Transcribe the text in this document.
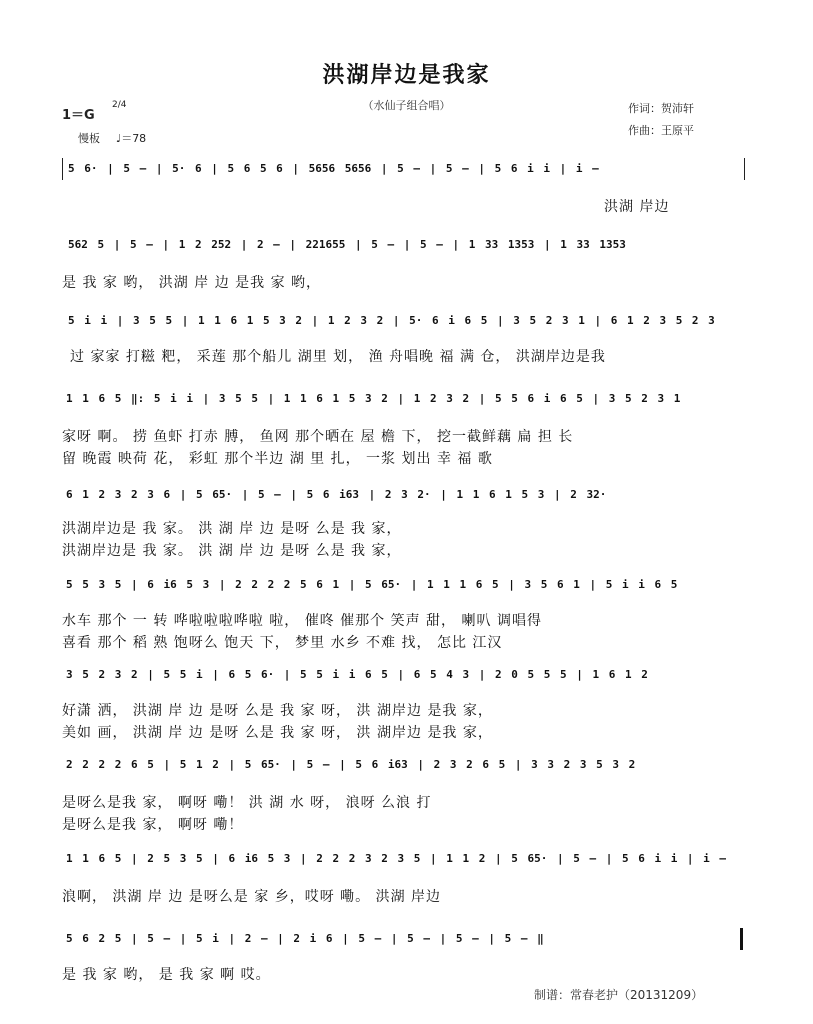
洪湖岸边是我家
（水仙子组合唱）
1＝G
2/4
慢板 ♩＝78
作词：贺沛轩
作曲：王原平
5 6· | 5 – | 5· 6 | 5 6 5 6 | 5656 5656 | 5 – | 5 – | 5 6 i i | i –
洪湖 岸边
562 5 | 5 – | 1 2 252 | 2 – | 221655 | 5 – | 5 – | 1 33 1353 | 1 33 1353
是 我 家 哟， 洪湖 岸 边 是我 家 哟，
5 i i | 3 5 5 | 1 1 6 1 5 3 2 | 1 2 3 2 | 5· 6 i 6 5 | 3 5 2 3 1 | 6 1 2 3 5 2 3
过 家家 打糍 粑， 采莲 那个船儿 湖里 划， 渔 舟唱晚 福 满 仓， 洪湖岸边是我
1 1 6 5 ‖: 5 i i | 3 5 5 | 1 1 6 1 5 3 2 | 1 2 3 2 | 5 5 6 i 6 5 | 3 5 2 3 1
家呀 啊。 捞 鱼虾 打赤 膊， 鱼网 那个晒在 屋 檐 下， 挖一截鲜藕 扁 担 长
留 晚霞 映荷 花， 彩虹 那个半边 湖 里 扎， 一浆 划出 幸 福 歌
6 1 2 3 2 3 6 | 5 65· | 5 – | 5 6 i63 | 2 3 2· | 1 1 6 1 5 3 | 2 32·
洪湖岸边是 我 家。 洪 湖 岸 边 是呀 么是 我 家，
洪湖岸边是 我 家。 洪 湖 岸 边 是呀 么是 我 家，
5 5 3 5 | 6 i6 5 3 | 2 2 2 2 5 6 1 | 5 65· | 1 1 1 6 5 | 3 5 6 1 | 5 i i 6 5
水车 那个 一 转 哗啦啦啦哗啦 啦， 催咚 催那个 笑声 甜， 喇叭 调唱得
喜看 那个 稻 熟 饱呀么 饱天 下， 梦里 水乡 不难 找， 怎比 江汉
3 5 2 3 2 | 5 5 i | 6 5 6· | 5 5 i i 6 5 | 6 5 4 3 | 2 0 5 5 5 | 1 6 1 2
好潇 洒， 洪湖 岸 边 是呀 么是 我 家 呀， 洪 湖岸边 是我 家，
美如 画， 洪湖 岸 边 是呀 么是 我 家 呀， 洪 湖岸边 是我 家，
2 2 2 2 6 5 | 5 1 2 | 5 65· | 5 – | 5 6 i63 | 2 3 2 6 5 | 3 3 2 3 5 3 2
是呀么是我 家， 啊呀 嘞！ 洪 湖 水 呀， 浪呀 么浪 打
是呀么是我 家， 啊呀 嘞！
1 1 6 5 | 2 5 3 5 | 6 i6 5 3 | 2 2 2 3 2 3 5 | 1 1 2 | 5 65· | 5 – | 5 6 i i | i –
浪啊， 洪湖 岸 边 是呀么是 家 乡，哎呀 嘞。 洪湖 岸边
5 6 2 5 | 5 – | 5 i | 2 – | 2 i 6 | 5 – | 5 – | 5 – | 5 – ‖
是 我 家 哟， 是 我 家 啊 哎。
制谱：常春老护（20131209）
